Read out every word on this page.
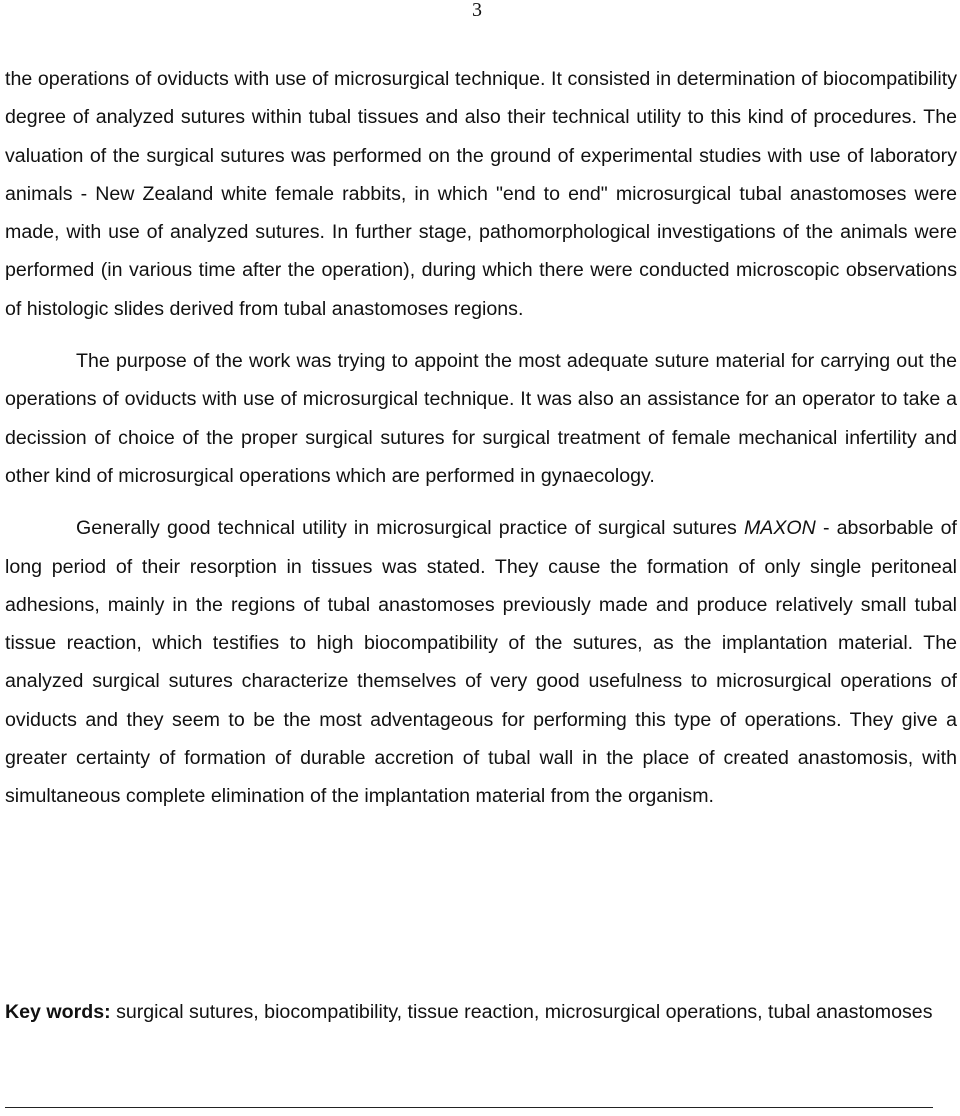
3

the operations of oviducts with use of microsurgical technique. It consisted in determination of biocompatibility degree of analyzed sutures within tubal tissues and also their technical utility to this kind of procedures. The valuation of the surgical sutures was performed on the ground of experimental studies with use of laboratory animals - New Zealand white female rabbits, in which "end to end" microsurgical tubal anastomoses were made, with use of analyzed sutures. In further stage, pathomorphological investigations of the animals were performed (in various time after the operation), during which there were conducted microscopic observations of histologic slides derived from tubal anastomoses regions.

The purpose of the work was trying to appoint the most adequate suture material for carrying out the operations of oviducts with use of microsurgical technique. It was also an assistance for an operator to take a decission of choice of the proper surgical sutures for surgical treatment of female mechanical infertility and other kind of microsurgical operations which are performed in gynaecology.

Generally good technical utility in microsurgical practice of surgical sutures MAXON - absorbable of long period of their resorption in tissues was stated. They cause the formation of only single peritoneal adhesions, mainly in the regions of tubal anastomoses previously made and produce relatively small tubal tissue reaction, which testifies to high biocompatibility of the sutures, as the implantation material. The analyzed surgical sutures characterize themselves of very good usefulness to microsurgical operations of oviducts and they seem to be the most adventageous for performing this type of operations. They give a greater certainty of formation of durable accretion of tubal wall in the place of created anastomosis, with simultaneous complete elimination of the implantation material from the organism.

Key words: surgical sutures, biocompatibility, tissue reaction, microsurgical operations, tubal anastomoses
